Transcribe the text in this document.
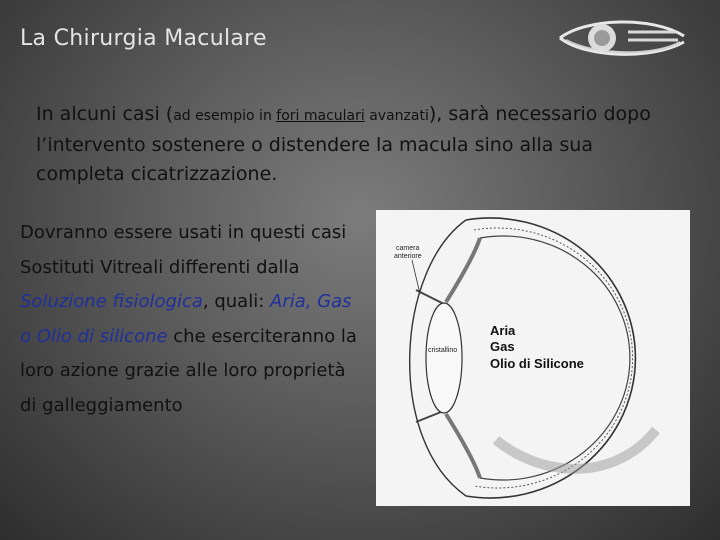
La Chirurgia Maculare
In alcuni casi (ad esempio in fori maculari avanzati), sarà necessario dopo l’intervento sostenere o distendere la macula sino alla sua completa cicatrizzazione.
Dovranno essere usati in questi casi Sostituti Vitreali differenti dalla Soluzione fisiologica, quali: Aria, Gas o Olio di silicone che eserciteranno la loro azione grazie alle loro proprietà di galleggiamento
camera
anteriore
cristallino
Aria
Gas
Olio di Silicone
